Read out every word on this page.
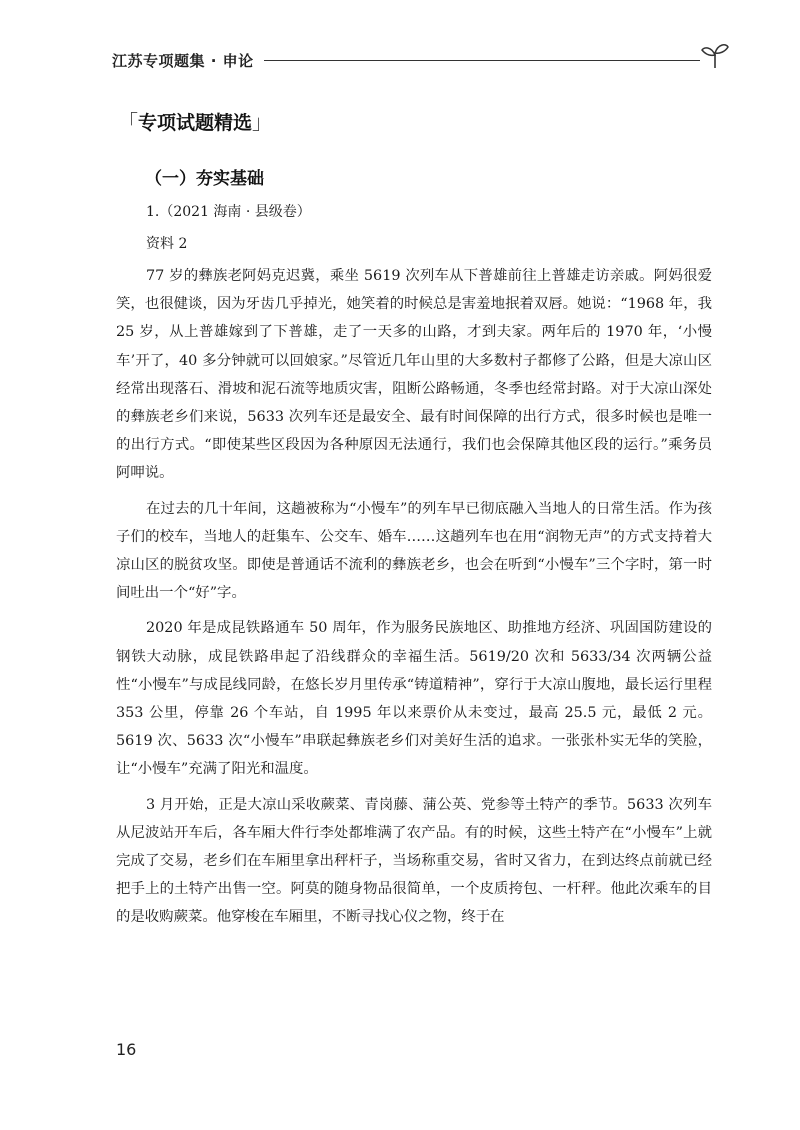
江苏专项题集 · 申论
「专项试题精选」
（一）夯实基础
1.（2021 海南 · 县级卷）
资料 2

77 岁的彝族老阿妈克迟冀，乘坐 5619 次列车从下普雄前往上普雄走访亲戚。阿妈很爱笑，也很健谈，因为牙齿几乎掉光，她笑着的时候总是害羞地抿着双唇。她说：“1968 年，我 25 岁，从上普雄嫁到了下普雄，走了一天多的山路，才到夫家。两年后的 1970 年，‘小慢车’开了，40 多分钟就可以回娘家。”尽管近几年山里的大多数村子都修了公路，但是大凉山区经常出现落石、滑坡和泥石流等地质灾害，阻断公路畅通，冬季也经常封路。对于大凉山深处的彝族老乡们来说，5633 次列车还是最安全、最有时间保障的出行方式，很多时候也是唯一的出行方式。“即使某些区段因为各种原因无法通行，我们也会保障其他区段的运行。”乘务员阿呷说。

在过去的几十年间，这趟被称为“小慢车”的列车早已彻底融入当地人的日常生活。作为孩子们的校车，当地人的赶集车、公交车、婚车……这趟列车也在用“润物无声”的方式支持着大凉山区的脱贫攻坚。即使是普通话不流利的彝族老乡，也会在听到“小慢车”三个字时，第一时间吐出一个“好”字。

2020 年是成昆铁路通车 50 周年，作为服务民族地区、助推地方经济、巩固国防建设的钢铁大动脉，成昆铁路串起了沿线群众的幸福生活。5619/20 次和 5633/34 次两辆公益性“小慢车”与成昆线同龄，在悠长岁月里传承“铸道精神”，穿行于大凉山腹地，最长运行里程 353 公里，停靠 26 个车站，自 1995 年以来票价从未变过，最高 25.5 元，最低 2 元。5619 次、5633 次“小慢车”串联起彝族老乡们对美好生活的追求。一张张朴实无华的笑脸，让“小慢车”充满了阳光和温度。

3 月开始，正是大凉山采收蕨菜、青岗藤、蒲公英、党参等土特产的季节。5633 次列车从尼波站开车后，各车厢大件行李处都堆满了农产品。有的时候，这些土特产在“小慢车”上就完成了交易，老乡们在车厢里拿出秤杆子，当场称重交易，省时又省力，在到达终点前就已经把手上的土特产出售一空。阿莫的随身物品很简单，一个皮质挎包、一杆秤。他此次乘车的目的是收购蕨菜。他穿梭在车厢里，不断寻找心仪之物，终于在

16
